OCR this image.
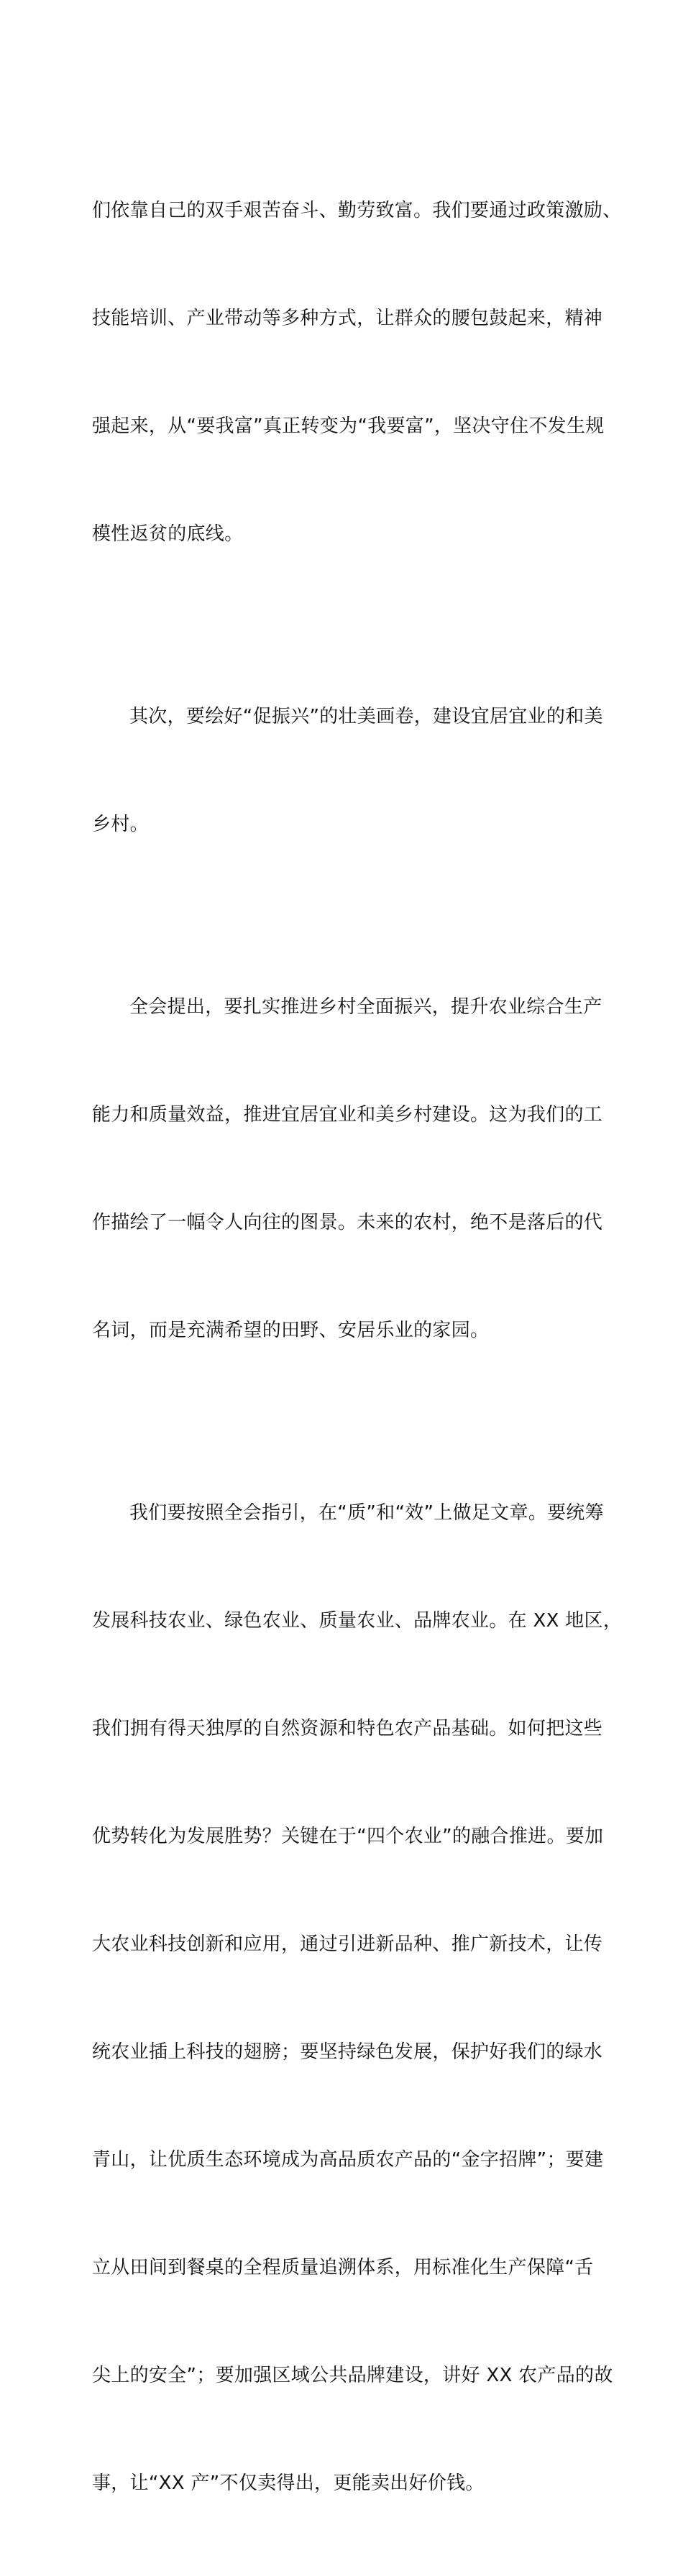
们依靠自己的双手艰苦奋斗、勤劳致富。我们要通过政策激励、

技能培训、产业带动等多种方式，让群众的腰包鼓起来，精神

强起来，从“要我富”真正转变为“我要富”，坚决守住不发生规

模性返贫的底线。

其次，要绘好“促振兴”的壮美画卷，建设宜居宜业的和美

乡村。

全会提出，要扎实推进乡村全面振兴，提升农业综合生产

能力和质量效益，推进宜居宜业和美乡村建设。这为我们的工

作描绘了一幅令人向往的图景。未来的农村，绝不是落后的代

名词，而是充满希望的田野、安居乐业的家园。

我们要按照全会指引，在“质”和“效”上做足文章。要统筹

发展科技农业、绿色农业、质量农业、品牌农业。在 XX 地区，

我们拥有得天独厚的自然资源和特色农产品基础。如何把这些

优势转化为发展胜势？关键在于“四个农业”的融合推进。要加

大农业科技创新和应用，通过引进新品种、推广新技术，让传

统农业插上科技的翅膀；要坚持绿色发展，保护好我们的绿水

青山，让优质生态环境成为高品质农产品的“金字招牌”；要建

立从田间到餐桌的全程质量追溯体系，用标准化生产保障“舌

尖上的安全”；要加强区域公共品牌建设，讲好 XX 农产品的故

事，让“XX 产”不仅卖得出，更能卖出好价钱。
